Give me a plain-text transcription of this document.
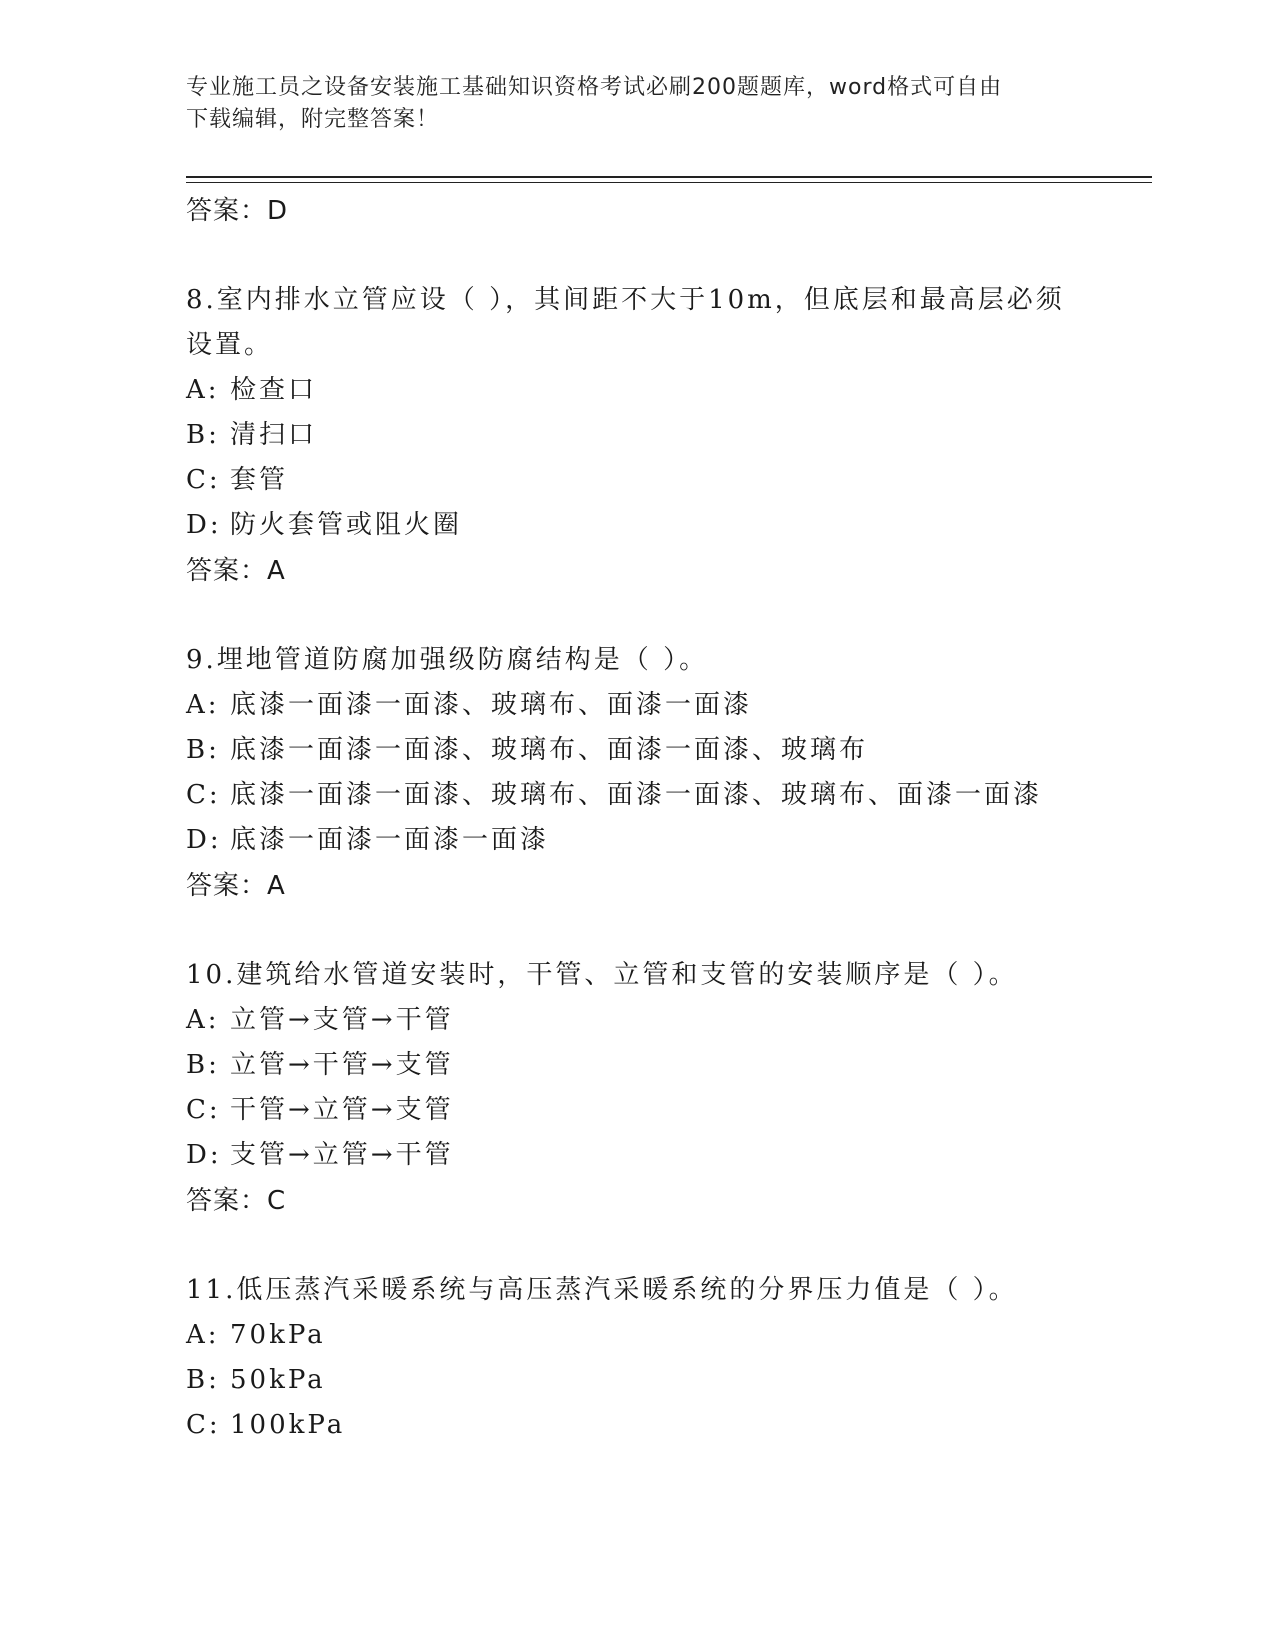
专业施工员之设备安装施工基础知识资格考试必刷200题题库，word格式可自由
下载编辑，附完整答案！
答案：D
8.室内排水立管应设（ ），其间距不大于10m，但底层和最高层必须
设置。
A: 检查口
B: 清扫口
C: 套管
D: 防火套管或阻火圈
答案：A
9.埋地管道防腐加强级防腐结构是（ ）。
A: 底漆一面漆一面漆、玻璃布、面漆一面漆
B: 底漆一面漆一面漆、玻璃布、面漆一面漆、玻璃布
C: 底漆一面漆一面漆、玻璃布、面漆一面漆、玻璃布、面漆一面漆
D: 底漆一面漆一面漆一面漆
答案：A
10.建筑给水管道安装时，干管、立管和支管的安装顺序是（ ）。
A: 立管→支管→干管
B: 立管→干管→支管
C: 干管→立管→支管
D: 支管→立管→干管
答案：C
11.低压蒸汽采暖系统与高压蒸汽采暖系统的分界压力值是（ ）。
A: 70kPa
B: 50kPa
C: 100kPa
